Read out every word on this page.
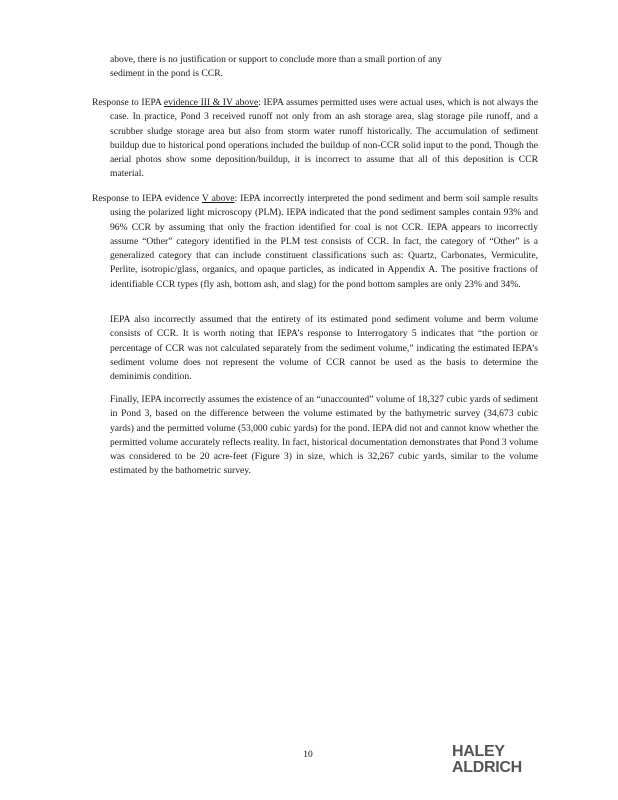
above, there is no justification or support to conclude more than a small portion of any

sediment in the pond is CCR.

Response to IEPA evidence III & IV above: IEPA assumes permitted uses were actual uses, which is not always the case. In practice, Pond 3 received runoff not only from an ash storage area, slag storage pile runoff, and a scrubber sludge storage area but also from storm water runoff historically. The accumulation of sediment buildup due to historical pond operations included the buildup of non-CCR solid input to the pond. Though the aerial photos show some deposition/buildup, it is incorrect to assume that all of this deposition is CCR material.

Response to IEPA evidence V above: IEPA incorrectly interpreted the pond sediment and berm soil sample results using the polarized light microscopy (PLM). IEPA indicated that the pond sediment samples contain 93% and 96% CCR by assuming that only the fraction identified for coal is not CCR. IEPA appears to incorrectly assume “Other” category identified in the PLM test consists of CCR. In fact, the category of “Other” is a generalized category that can include constituent classifications such as: Quartz, Carbonates, Vermiculite, Perlite, isotropic/glass, organics, and opaque particles, as indicated in Appendix A. The positive fractions of identifiable CCR types (fly ash, bottom ash, and slag) for the pond bottom samples are only 23% and 34%.

IEPA also incorrectly assumed that the entirety of its estimated pond sediment volume and berm volume consists of CCR. It is worth noting that IEPA’s response to Interrogatory 5 indicates that “the portion or percentage of CCR was not calculated separately from the sediment volume,” indicating the estimated IEPA’s sediment volume does not represent the volume of CCR cannot be used as the basis to determine the deminimis condition.

Finally, IEPA incorrectly assumes the existence of an “unaccounted” volume of 18,327 cubic yards of sediment in Pond 3, based on the difference between the volume estimated by the bathymetric survey (34,673 cubic yards) and the permitted volume (53,000 cubic yards) for the pond. IEPA did not and cannot know whether the permitted volume accurately reflects reality. In fact, historical documentation demonstrates that Pond 3 volume was considered to be 20 acre-feet (Figure 3) in size, which is 32,267 cubic yards, similar to the volume estimated by the bathometric survey.

10	HALEY
ALDRICH
